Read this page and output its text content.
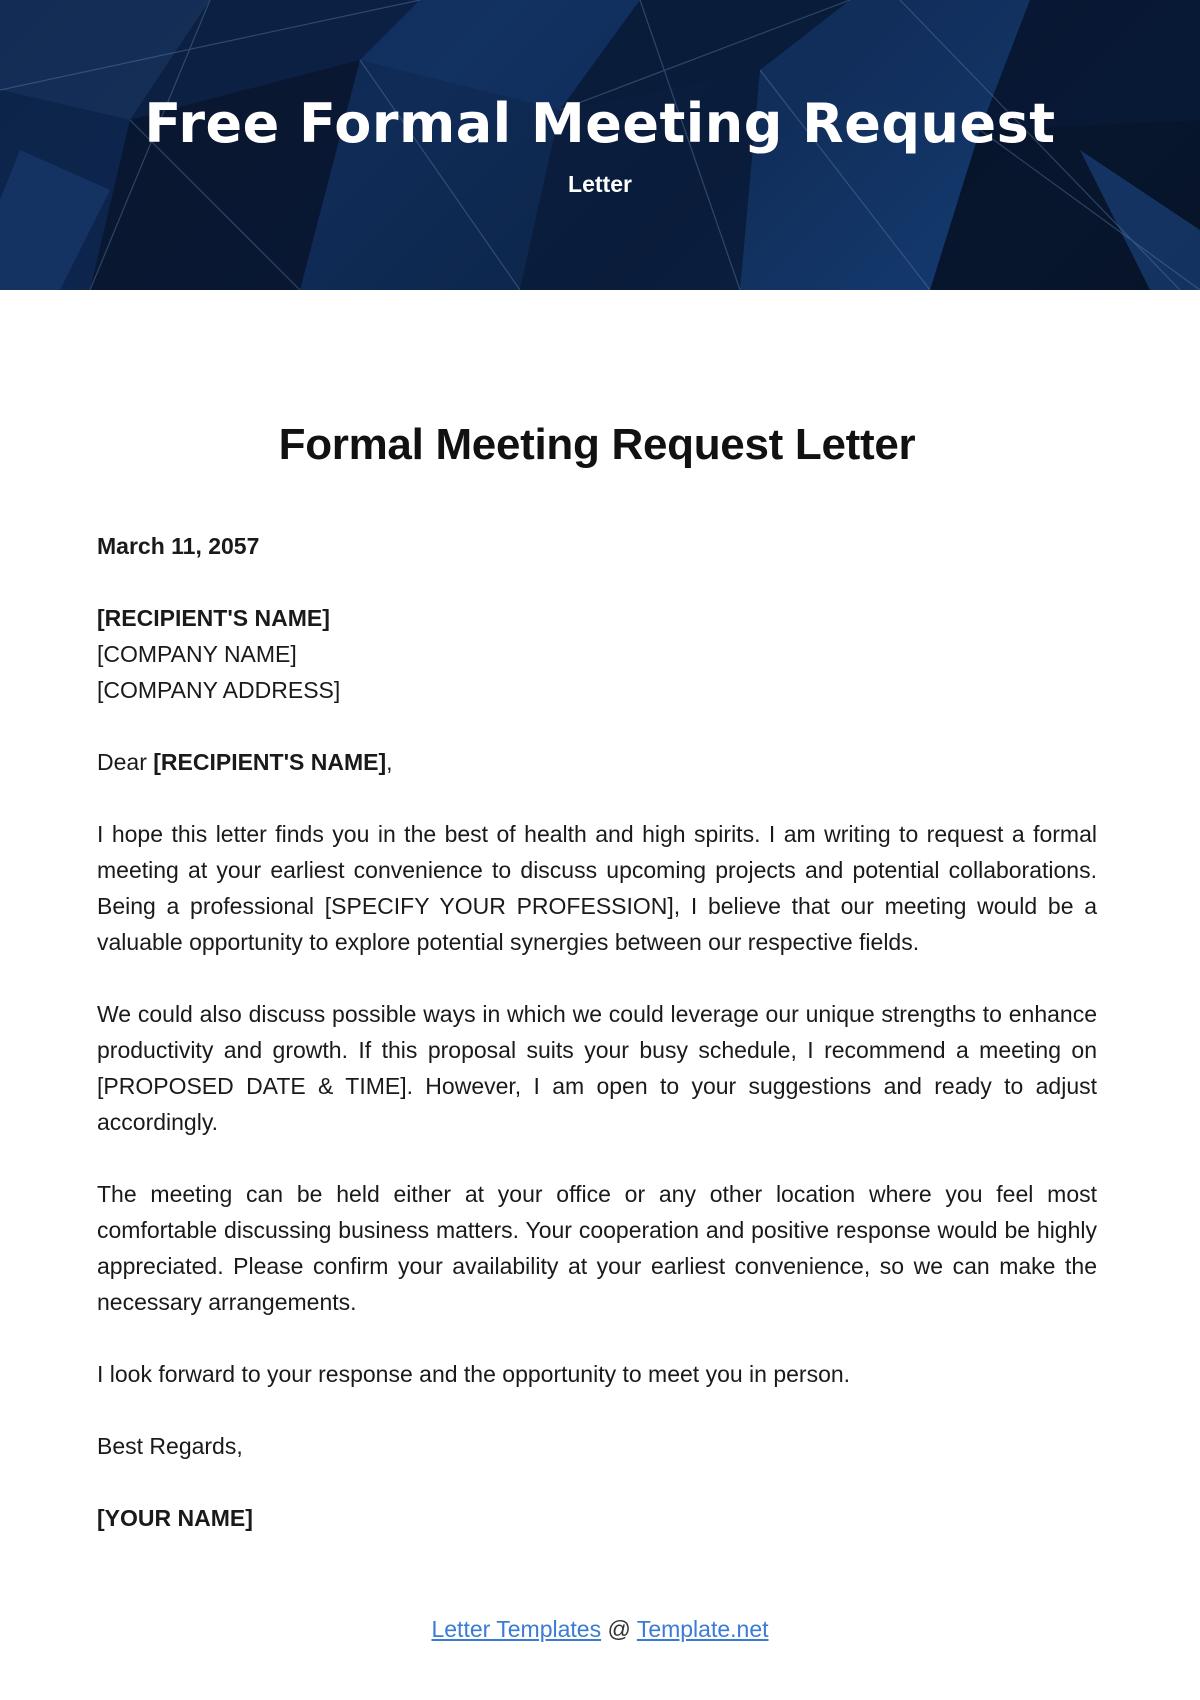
Free Formal Meeting Request
Letter
Formal Meeting Request Letter

March 11, 2057

[RECIPIENT'S NAME]

[COMPANY NAME]

[COMPANY ADDRESS]

Dear [RECIPIENT'S NAME],

I hope this letter finds you in the best of health and high spirits. I am writing to request a formal meeting at your earliest convenience to discuss upcoming projects and potential collaborations. Being a professional [SPECIFY YOUR PROFESSION], I believe that our meeting would be a valuable opportunity to explore potential synergies between our respective fields.

We could also discuss possible ways in which we could leverage our unique strengths to enhance productivity and growth. If this proposal suits your busy schedule, I recommend a meeting on [PROPOSED DATE & TIME]. However, I am open to your suggestions and ready to adjust accordingly.

The meeting can be held either at your office or any other location where you feel most comfortable discussing business matters. Your cooperation and positive response would be highly appreciated. Please confirm your availability at your earliest convenience, so we can make the necessary arrangements.

I look forward to your response and the opportunity to meet you in person.

Best Regards,

[YOUR NAME]

Letter Templates @ Template.net
